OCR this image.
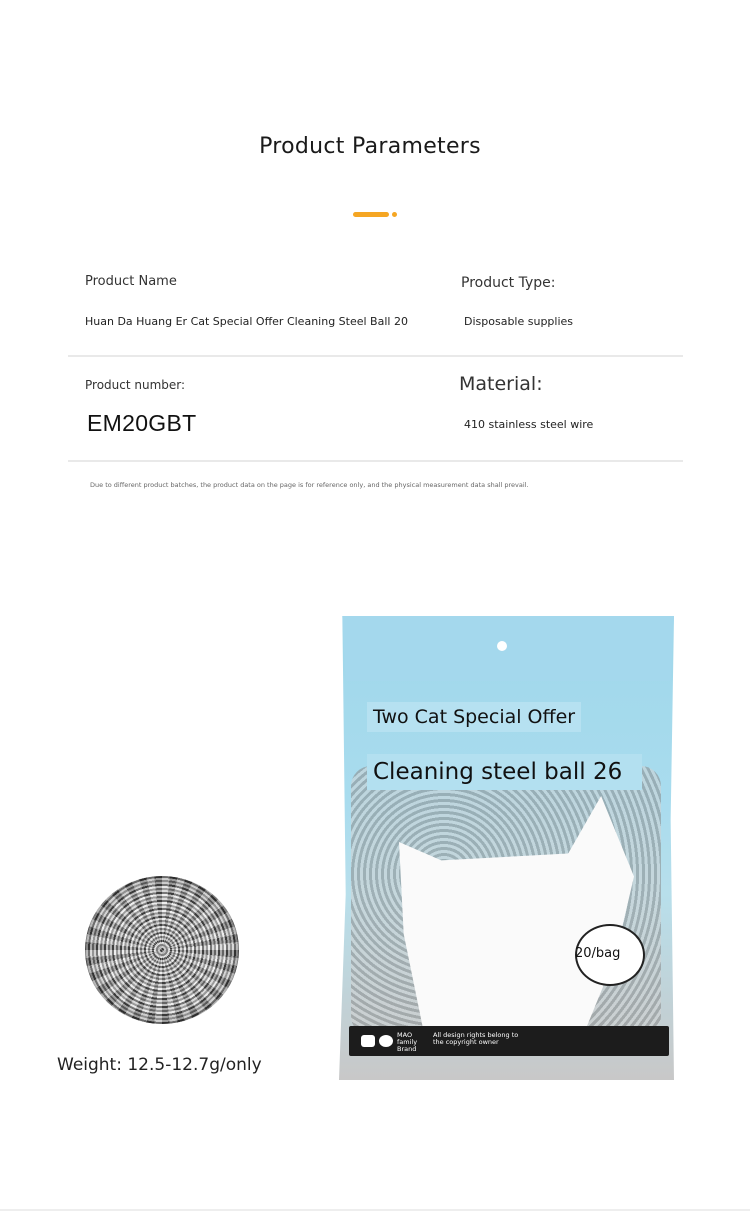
Product Parameters
Product Name
Huan Da Huang Er Cat Special Offer Cleaning Steel Ball 20
Product Type:
Disposable supplies
Product number:
EM20GBT
Material:
410 stainless steel wire
Due to different product batches, the product data on the page is for reference only, and the physical measurement data shall prevail.
Weight: 12.5-12.7g/only
Two Cat Special Offer
Cleaning steel ball 26
20/bag
MAO family Brand
All design rights belong to the copyright owner
